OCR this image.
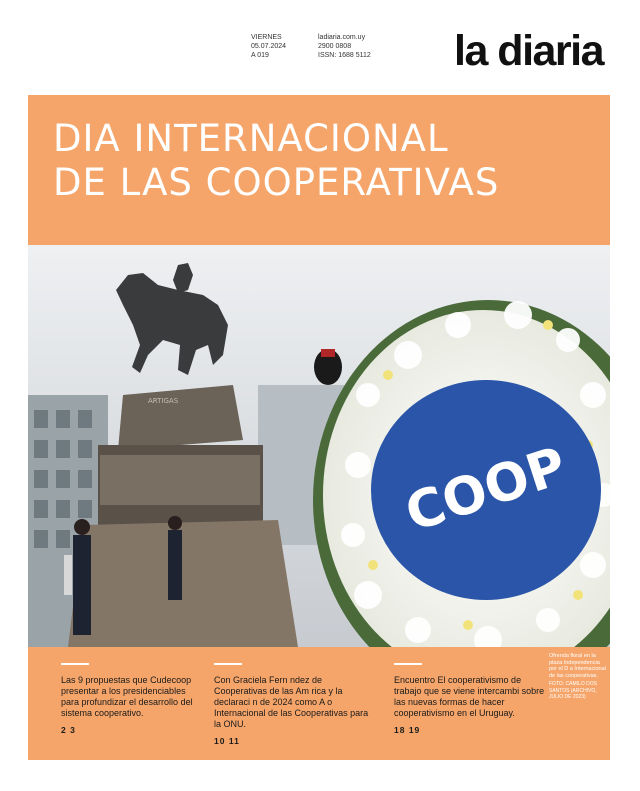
VIERNES
05.07.2024
A 019
ladiaria.com.uy
2900 0808
ISSN: 1688 5112 la diaria
DIA INTERNACIONAL
DE LAS COOPERATIVAS
ARTIGAS
COOP
Las 9 propuestas que Cudecoop presentar a los presidenciables para profundizar el desarrollo del sistema cooperativo.
2 3
Con Graciela Fern ndez de Cooperativas de las Am rica y la declaraci n de 2024 como A o Internacional de las Cooperativas para la ONU.
10 11
Encuentro El cooperativismo de trabajo que se viene intercambi sobre las nuevas formas de hacer cooperativismo en el Uruguay.
18 19
Ofrenda floral en la plaza Independencia por el D a Internacional de las cooperativas.
FOTO: CAMILO DOS SANTOS (ARCHIVO, JULIO DE 2023)
